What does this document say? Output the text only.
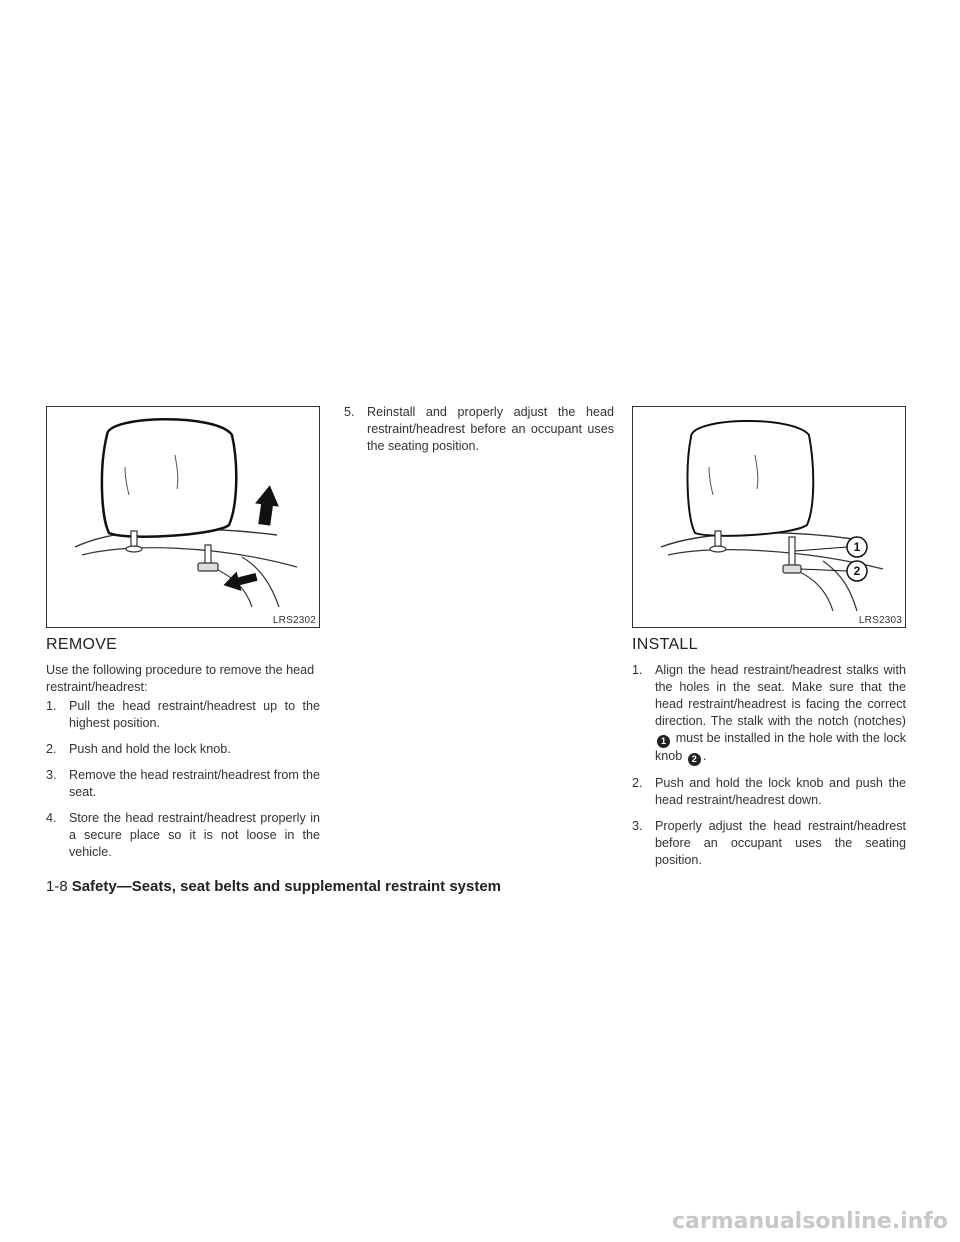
LRS2302
1
2
LRS2303
REMOVE
Use the following procedure to remove the head restraint/headrest:
1. Pull the head restraint/headrest up to the highest position.
2. Push and hold the lock knob.
3. Remove the head restraint/headrest from the seat.
4. Store the head restraint/headrest properly in a secure place so it is not loose in the vehicle.
5. Reinstall and properly adjust the head restraint/headrest before an occupant uses the seating position.
INSTALL
1. Align the head restraint/headrest stalks with the holes in the seat. Make sure that the head restraint/headrest is facing the correct direction. The stalk with the notch (notches) 1 must be installed in the hole with the lock knob 2 .
2. Push and hold the lock knob and push the head restraint/headrest down.
3. Properly adjust the head restraint/headrest before an occupant uses the seating position.
1-8 Safety—Seats, seat belts and supplemental restraint system
carmanualsonline.info
